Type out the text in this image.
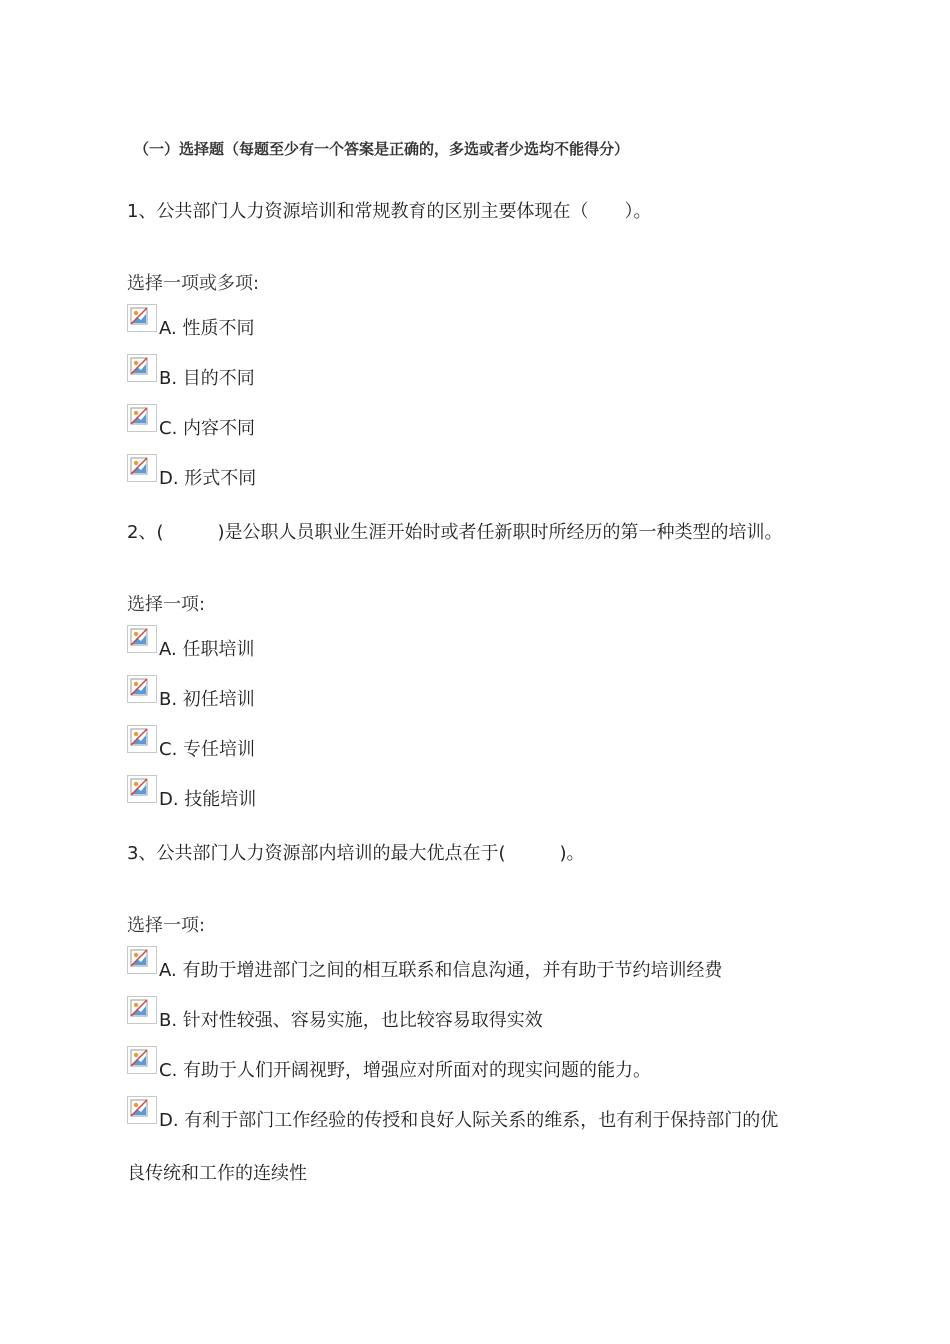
（一）选择题（每题至少有一个答案是正确的，多选或者少选均不能得分）
1、公共部门人力资源培训和常规教育的区别主要体现在（　　）。
选择一项或多项:
A. 性质不同
B. 目的不同
C. 内容不同
D. 形式不同
2、(　　　)是公职人员职业生涯开始时或者任新职时所经历的第一种类型的培训。
选择一项:
A. 任职培训
B. 初任培训
C. 专任培训
D. 技能培训
3、公共部门人力资源部内培训的最大优点在于(　　　)。
选择一项:
A. 有助于增进部门之间的相互联系和信息沟通，并有助于节约培训经费
B. 针对性较强、容易实施，也比较容易取得实效
C. 有助于人们开阔视野，增强应对所面对的现实问题的能力。
D. 有利于部门工作经验的传授和良好人际关系的维系，也有利于保持部门的优
良传统和工作的连续性
